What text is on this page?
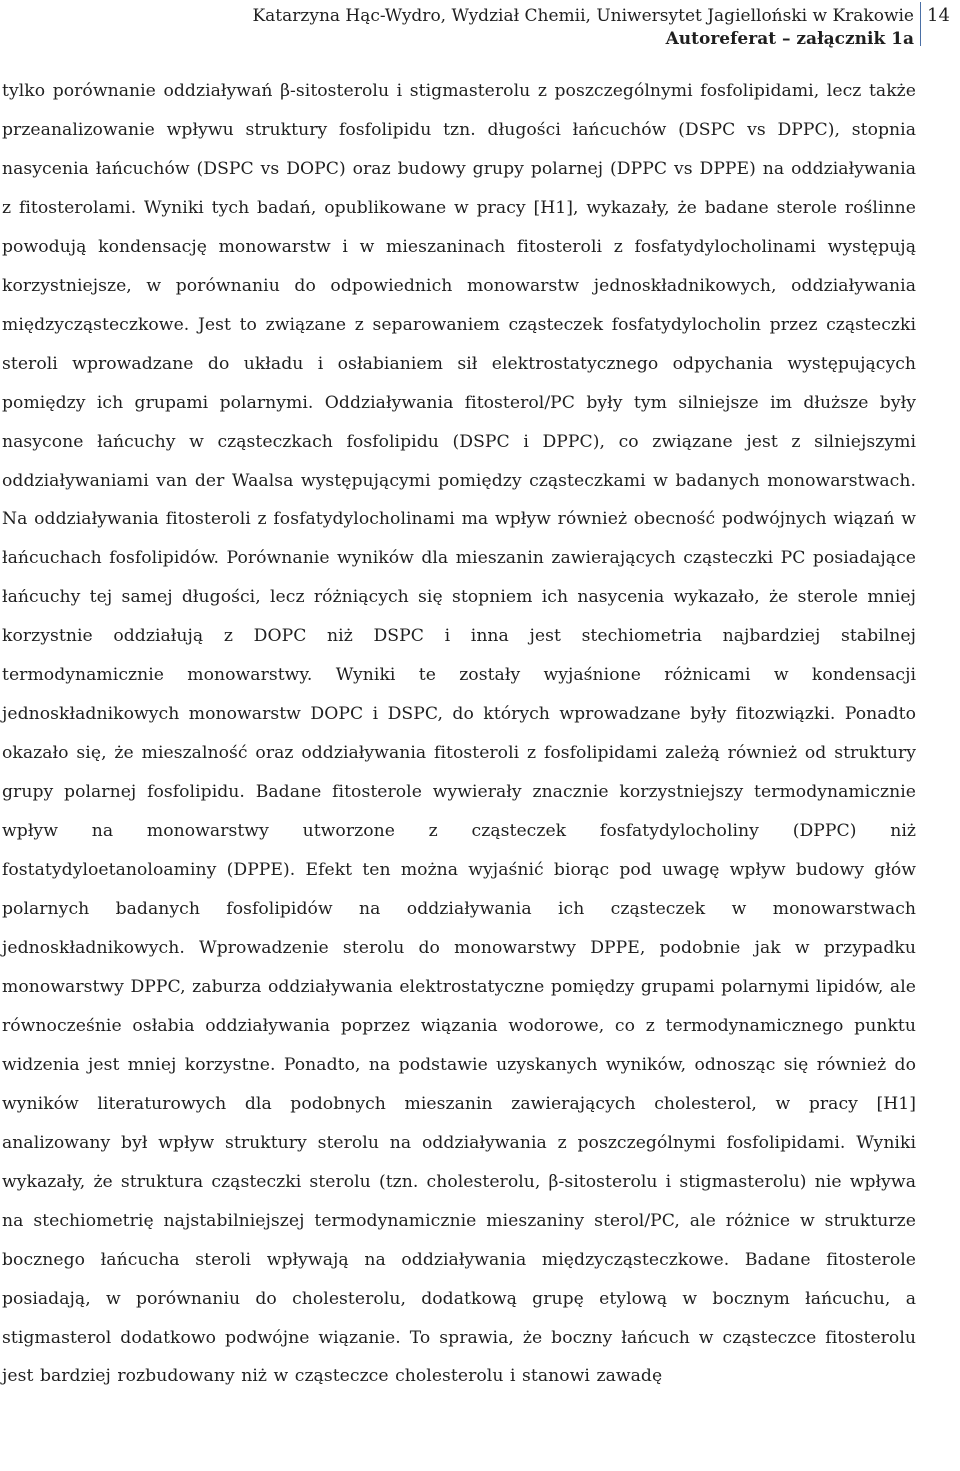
Katarzyna Hąc-Wydro, Wydział Chemii, Uniwersytet Jagielloński w Krakowie
Autoreferat – załącznik 1a
14

tylko porównanie oddziaływań β-sitosterolu i stigmasterolu z poszczególnymi fosfolipidami, lecz także przeanalizowanie wpływu struktury fosfolipidu tzn. długości łańcuchów (DSPC vs DPPC), stopnia nasycenia łańcuchów (DSPC vs DOPC) oraz budowy grupy polarnej (DPPC vs DPPE) na oddziaływania z fitosterolami. Wyniki tych badań, opublikowane w pracy [H1], wykazały, że badane sterole roślinne powodują kondensację monowarstw i w mieszaninach fitosteroli z fosfatydylocholinami występują korzystniejsze, w porównaniu do odpowiednich monowarstw jednoskładnikowych, oddziaływania międzycząsteczkowe. Jest to związane z separowaniem cząsteczek fosfatydylocholin przez cząsteczki steroli wprowadzane do układu i osłabianiem sił elektrostatycznego odpychania występujących pomiędzy ich grupami polarnymi. Oddziaływania fitosterol/PC były tym silniejsze im dłuższe były nasycone łańcuchy w cząsteczkach fosfolipidu (DSPC i DPPC), co związane jest z silniejszymi oddziaływaniami van der Waalsa występującymi pomiędzy cząsteczkami w badanych monowarstwach. Na oddziaływania fitosteroli z fosfatydylocholinami ma wpływ również obecność podwójnych wiązań w łańcuchach fosfolipidów. Porównanie wyników dla mieszanin zawierających cząsteczki PC posiadające łańcuchy tej samej długości, lecz różniących się stopniem ich nasycenia wykazało, że sterole mniej korzystnie oddziałują z DOPC niż DSPC i inna jest stechiometria najbardziej stabilnej termodynamicznie monowarstwy. Wyniki te zostały wyjaśnione różnicami w kondensacji jednoskładnikowych monowarstw DOPC i DSPC, do których wprowadzane były fitozwiązki. Ponadto okazało się, że mieszalność oraz oddziaływania fitosteroli z fosfolipidami zależą również od struktury grupy polarnej fosfolipidu. Badane fitosterole wywierały znacznie korzystniejszy termodynamicznie wpływ na monowarstwy utworzone z cząsteczek fosfatydylocholiny (DPPC) niż fostatydyloetanoloaminy (DPPE). Efekt ten można wyjaśnić biorąc pod uwagę wpływ budowy głów polarnych badanych fosfolipidów na oddziaływania ich cząsteczek w monowarstwach jednoskładnikowych. Wprowadzenie sterolu do monowarstwy DPPE, podobnie jak w przypadku monowarstwy DPPC, zaburza oddziaływania elektrostatyczne pomiędzy grupami polarnymi lipidów, ale równocześnie osłabia oddziaływania poprzez wiązania wodorowe, co z termodynamicznego punktu widzenia jest mniej korzystne. Ponadto, na podstawie uzyskanych wyników, odnosząc się również do wyników literaturowych dla podobnych mieszanin zawierających cholesterol, w pracy [H1] analizowany był wpływ struktury sterolu na oddziaływania z poszczególnymi fosfolipidami. Wyniki wykazały, że struktura cząsteczki sterolu (tzn. cholesterolu, β-sitosterolu i stigmasterolu) nie wpływa na stechiometrię najstabilniejszej termodynamicznie mieszaniny sterol/PC, ale różnice w strukturze bocznego łańcucha steroli wpływają na oddziaływania międzycząsteczkowe. Badane fitosterole posiadają, w porównaniu do cholesterolu, dodatkową grupę etylową w bocznym łańcuchu, a stigmasterol dodatkowo podwójne wiązanie. To sprawia, że boczny łańcuch w cząsteczce fitosterolu jest bardziej rozbudowany niż w cząsteczce cholesterolu i stanowi zawadę
